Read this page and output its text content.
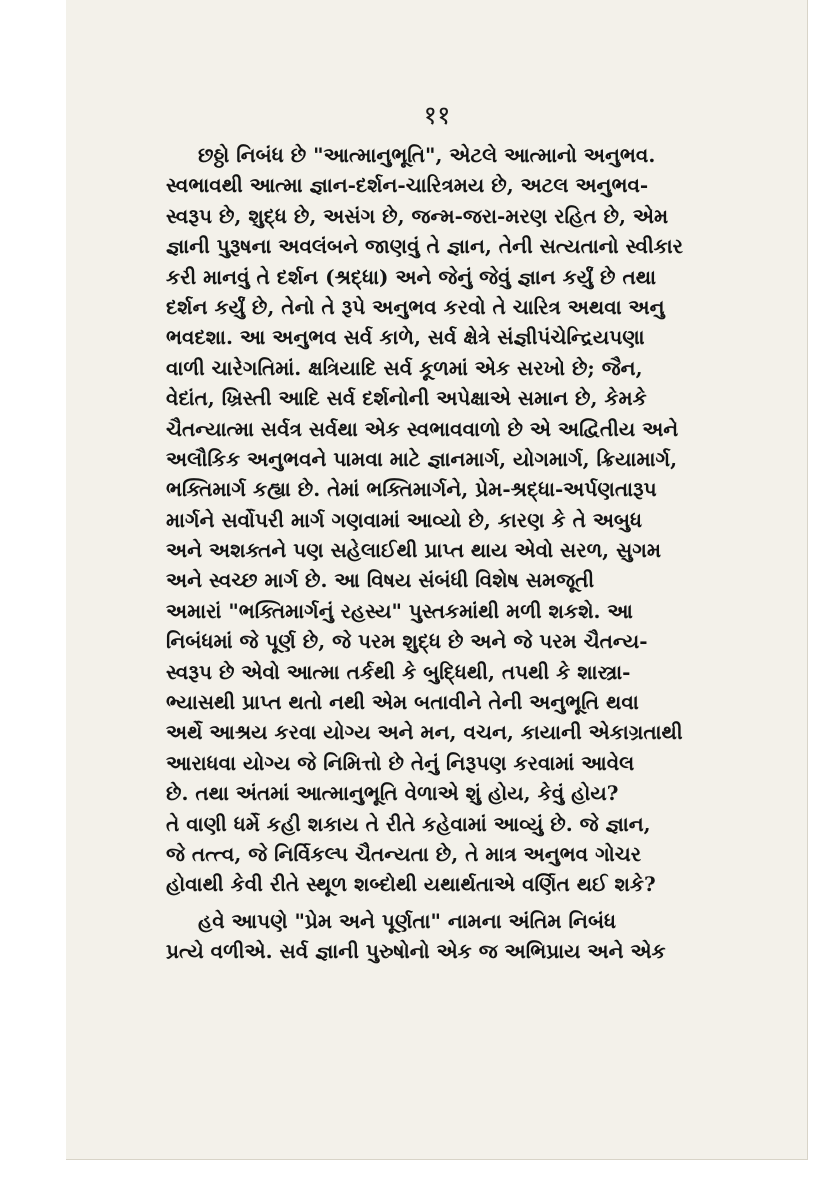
११
છઠ્ઠો નિબંધ છે "આત્માનુભૂતિ", એટલે આત્માનો અનુભવ.
સ્વભાવથી આત્મા જ્ઞાન-દર્શન-ચારિત્રમય છે, અટલ અનુભવ-
સ્વરૂપ છે, શુદ્ધ છે, અસંગ છે, જન્મ-જરા-મરણ રહિત છે, એમ
જ્ઞાની પુરૂષના અવલંબને જાણવું તે જ્ઞાન, તેની સત્યતાનો સ્વીકાર
કરી માનવું તે દર્શન (શ્રદ્ધા) અને જેનું જેવું જ્ઞાન કર્યું છે તથા
દર્શન કર્યું છે, તેનો તે રૂપે અનુભવ કરવો તે ચારિત્ર અથવા અનુ
ભવદશા. આ અનુભવ સર્વ કાળે, સર્વ ક્ષેત્રે સંજ્ઞીપંચેન્દ્રિયપણા
વાળી ચારેગતિમાં. ક્ષત્રિયાદિ સર્વ કૂળમાં એક સરખો છે; જૈન,
વેદાંત, ખ્રિસ્તી આદિ સર્વ દર્શનોની અપેક્ષાએ સમાન છે, કેમકે
ચૈતન્યાત્મા સર્વત્ર સર્વથા એક સ્વભાવવાળો છે એ અદ્વિતીય અને
અલૌકિક અનુભવને પામવા માટે જ્ઞાનમાર્ગ, યોગમાર્ગ, ક્રિયામાર્ગ,
ભક્તિમાર્ગ કહ્યા છે. તેમાં ભક્તિમાર્ગને, પ્રેમ-શ્રદ્ધા-અર્પણતારૂપ
માર્ગને સર્વોપરી માર્ગ ગણવામાં આવ્યો છે, કારણ કે તે અબુધ
અને અશક્તને પણ સહેલાઈથી પ્રાપ્ત થાય એવો સરળ, સુગમ
અને સ્વચ્છ માર્ગ છે. આ વિષય સંબંધી વિશેષ સમજૂતી
અમારાં "ભક્તિમાર્ગનું રહસ્ય" પુસ્તકમાંથી મળી શકશે. આ
નિબંધમાં જે પૂર્ણ છે, જે પરમ શુદ્ધ છે અને જે પરમ ચૈતન્ય-
સ્વરૂપ છે એવો આત્મા તર્કથી કે બુદ્ધિથી, તપથી કે શાસ્ત્રા-
ભ્યાસથી પ્રાપ્ત થતો નથી એમ બતાવીને તેની અનુભૂતિ થવા
અર્થે આશ્રય કરવા યોગ્ય અને મન, વચન, કાયાની એકાગ્રતાથી
આરાધવા યોગ્ય જે નિમિત્તો છે તેનું નિરૂપણ કરવામાં આવેલ
છે. તથા અંતમાં આત્માનુભૂતિ વેળાએ શું હોય, કેવું હોય?
તે વાણી ધર્મે કહી શકાય તે રીતે કહેવામાં આવ્યું છે. જે જ્ઞાન,
જે તત્ત્વ, જે નિર્વિકલ્પ ચૈતન્યતા છે, તે માત્ર અનુભવ ગોચર
હોવાથી કેવી રીતે સ્થૂળ શબ્દોથી યથાર્થતાએ વર્ણિત થઈ શકે?
હવે આપણે "પ્રેમ અને પૂર્ણતા" નામના અંતિમ નિબંધ
પ્રત્યે વળીએ. સર્વ જ્ઞાની પુરુષોનો એક જ અભિપ્રાય અને એક
